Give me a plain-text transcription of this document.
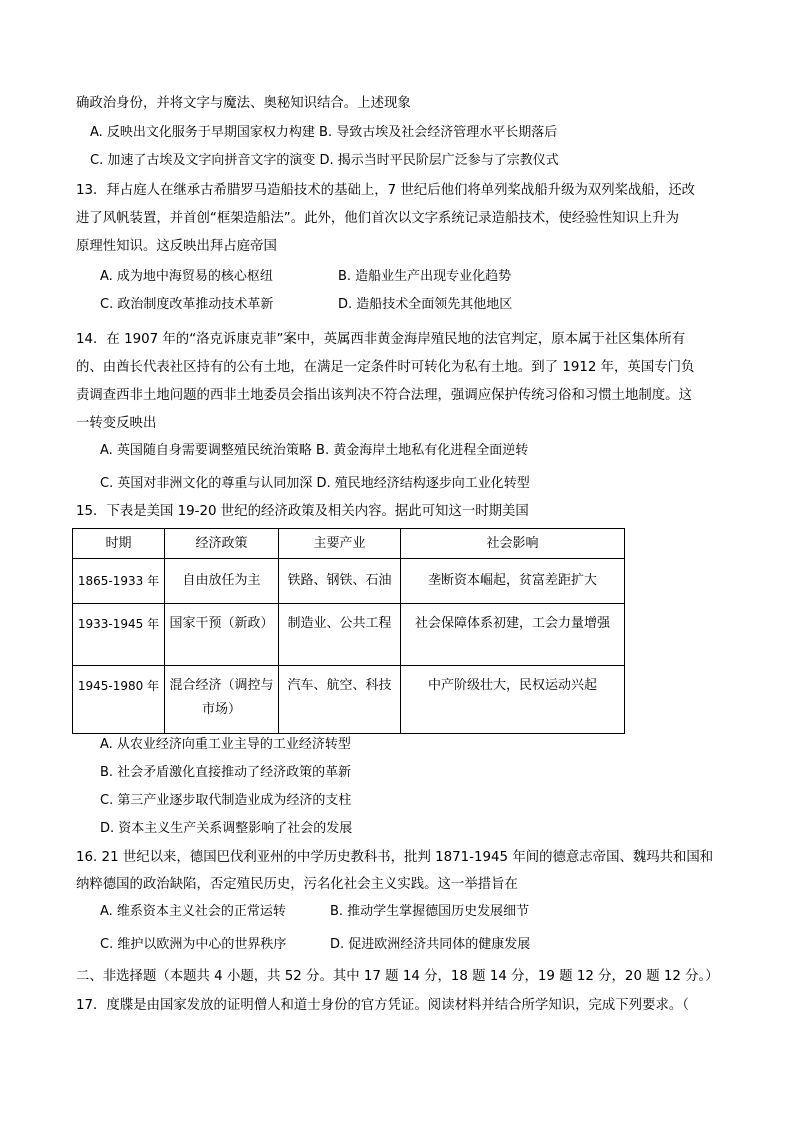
确政治身份，并将文字与魔法、奥秘知识结合。上述现象
A. 反映出文化服务于早期国家权力构建 B. 导致古埃及社会经济管理水平长期落后
C. 加速了古埃及文字向拼音文字的演变 D. 揭示当时平民阶层广泛参与了宗教仪式
13．拜占庭人在继承古希腊罗马造船技术的基础上，7 世纪后他们将单列桨战船升级为双列桨战船，还改
进了风帆装置，并首创“框架造船法”。此外，他们首次以文字系统记录造船技术，使经验性知识上升为
原理性知识。这反映出拜占庭帝国
A. 成为地中海贸易的核心枢纽	B. 造船业生产出现专业化趋势
C. 政治制度改革推动技术革新	D. 造船技术全面领先其他地区
14．在 1907 年的“洛克诉康克菲”案中，英属西非黄金海岸殖民地的法官判定，原本属于社区集体所有
的、由酋长代表社区持有的公有土地，在满足一定条件时可转化为私有土地。到了 1912 年，英国专门负
责调查西非土地问题的西非土地委员会指出该判决不符合法理，强调应保护传统习俗和习惯土地制度。这
一转变反映出
A. 英国随自身需要调整殖民统治策略 B. 黄金海岸土地私有化进程全面逆转
C. 英国对非洲文化的尊重与认同加深 D. 殖民地经济结构逐步向工业化转型
15．下表是美国 19-20 世纪的经济政策及相关内容。据此可知这一时期美国
时期	经济政策	主要产业	社会影响
1865-1933 年	自由放任为主	铁路、钢铁、石油	垄断资本崛起，贫富差距扩大
1933-1945 年	国家干预（新政）	制造业、公共工程	社会保障体系初建，工会力量增强
1945-1980 年	混合经济（调控与市场）	汽车、航空、科技	中产阶级壮大，民权运动兴起
A. 从农业经济向重工业主导的工业经济转型
B. 社会矛盾激化直接推动了经济政策的革新
C. 第三产业逐步取代制造业成为经济的支柱
D. 资本主义生产关系调整影响了社会的发展
16. 21 世纪以来，德国巴伐利亚州的中学历史教科书，批判 1871-1945 年间的德意志帝国、魏玛共和国和
纳粹德国的政治缺陷，否定殖民历史，污名化社会主义实践。这一举措旨在
A. 维系资本主义社会的正常运转	B. 推动学生掌握德国历史发展细节
C. 维护以欧洲为中心的世界秩序	D. 促进欧洲经济共同体的健康发展
二、非选择题（本题共 4 小题，共 52 分。其中 17 题 14 分，18 题 14 分，19 题 12 分，20 题 12 分。）
17．度牒是由国家发放的证明僧人和道士身份的官方凭证。阅读材料并结合所学知识，完成下列要求。（
